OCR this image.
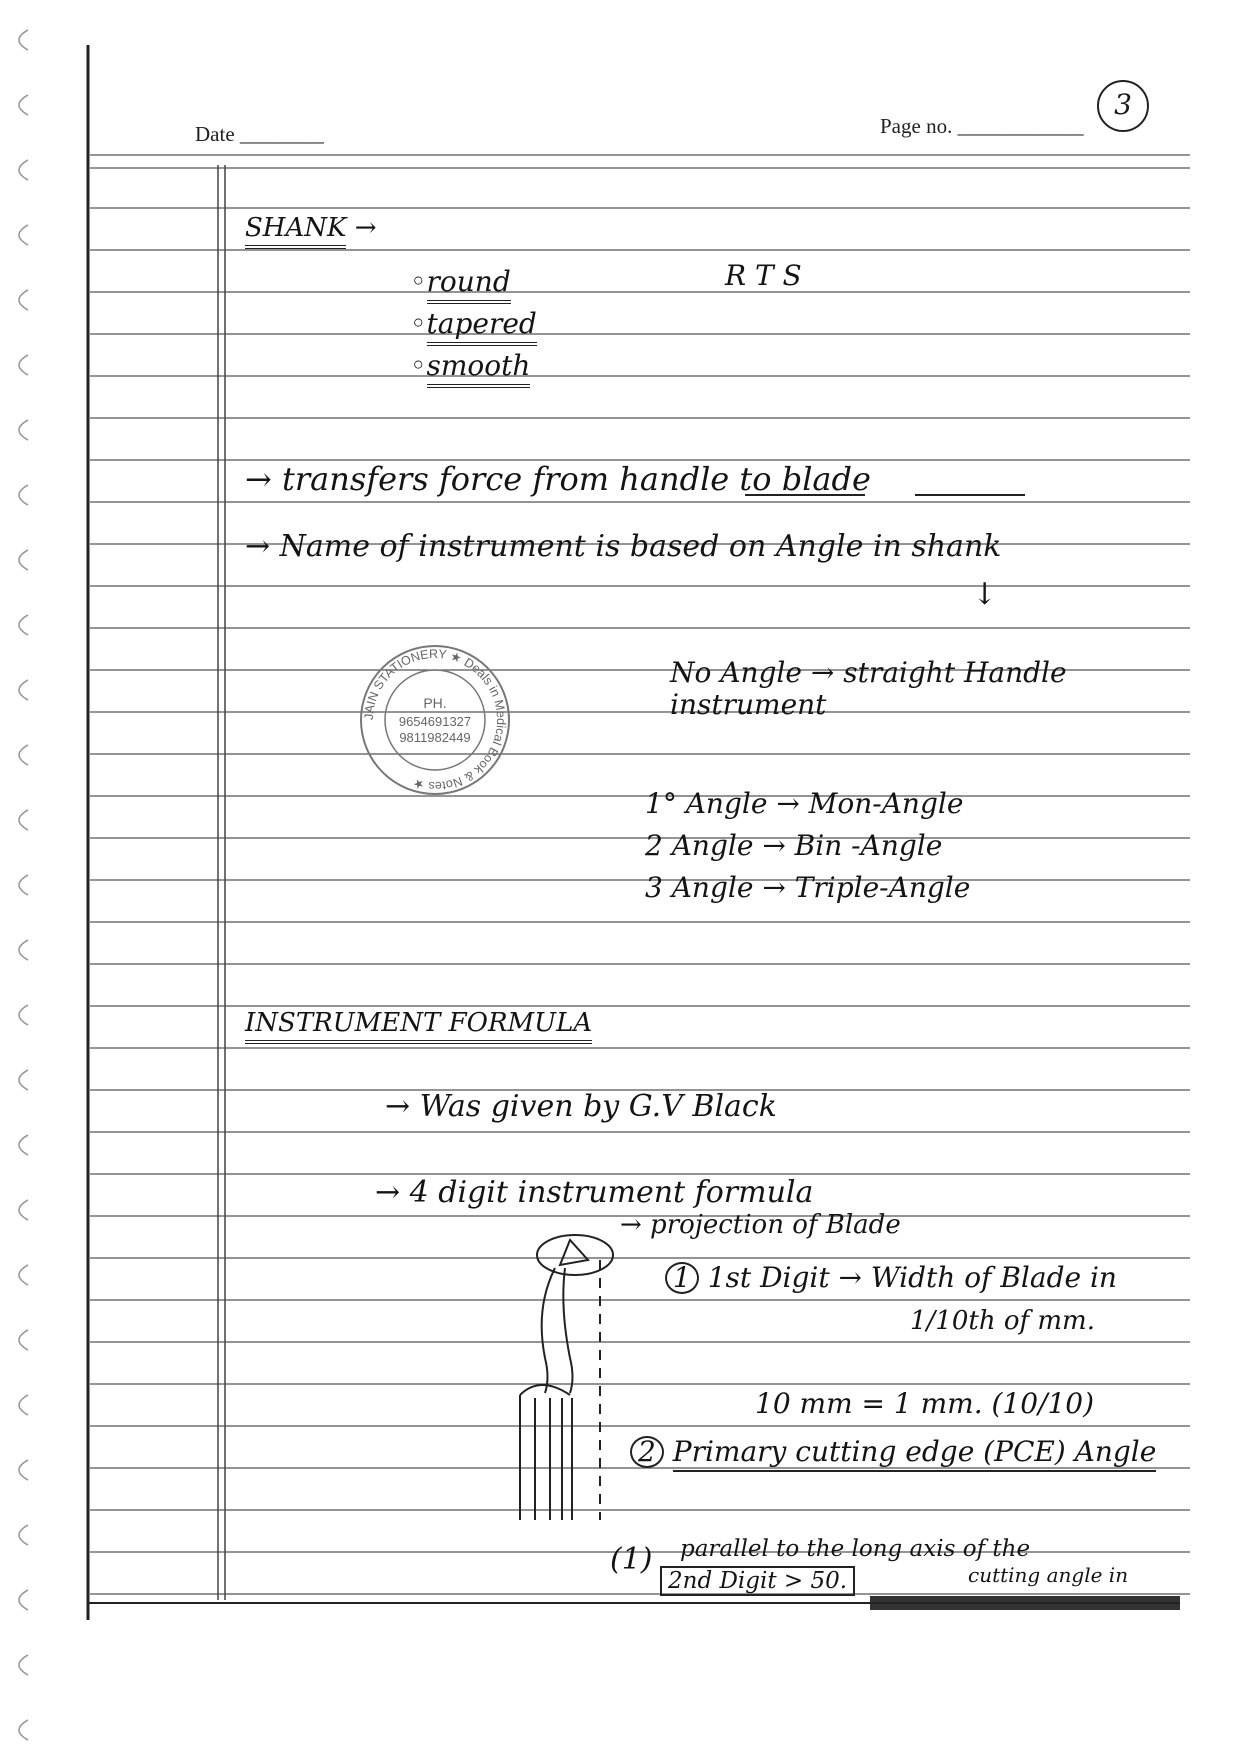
Date ________	Page no. ____________
3
SHANK →
◦round
◦tapered
◦smooth
R T S
→ transfers force from handle to blade

→ Name of instrument is based on Angle in shank
↓
JAIN STATIONERY ★ Deals in Medical Book & Notes ★
PH.
9654691327
9811982449
No Angle → straight Handle instrument
1° Angle → Mon-Angle
2 Angle → Bin -Angle
3 Angle → Triple-Angle
INSTRUMENT FORMULA
→ Was given by G.V Black
→ 4 digit instrument formula
→ projection of Blade
1 1st Digit → Width of Blade in
1/10th of mm.
10 mm = 1 mm. (10/10)
2 Primary cutting edge (PCE) Angle
(1) parallel to the long axis of the
2nd Digit > 50.	cutting angle in
